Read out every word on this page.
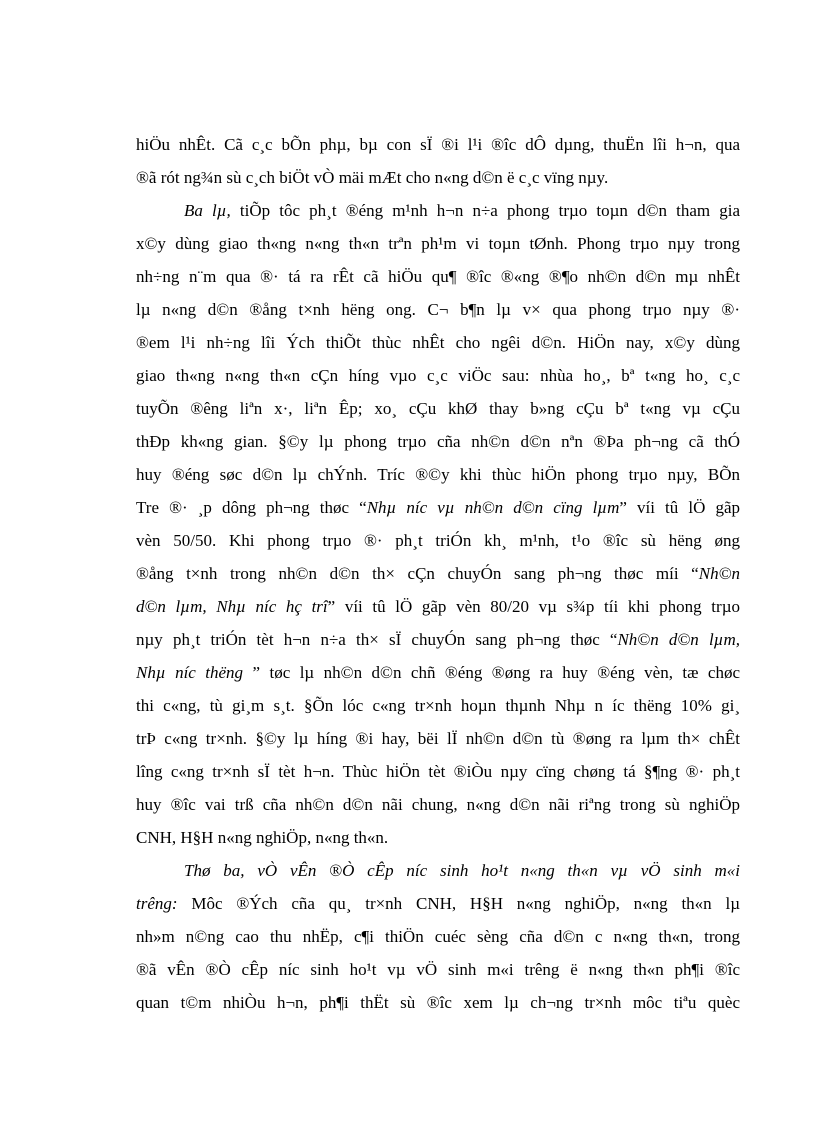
hiÖu nhÊt. Cã c¸c bÕn phµ, bµ con sÏ ®i l¹i ®îc dÔ dµng, thuËn lîi h¬n, qua
®ã rót ng¾n sù c¸ch biÖt vÒ mäi mÆt cho n«ng d©n ë c¸c vïng nµy.
Ba lµ, tiÕp tôc ph¸t ®éng m¹nh h¬n n÷a phong trµo toµn d©n tham gia
x©y dùng giao th«ng n«ng th«n trªn ph¹m vi toµn tØnh. Phong trµo nµy trong
nh÷ng n¨m qua ®· tá ra rÊt cã hiÖu qu¶ ®îc ®«ng ®¶o nh©n d©n mµ nhÊt
lµ n«ng d©n ®ång t×nh hëng ong. C¬ b¶n lµ v× qua phong trµo nµy ®·
®em l¹i nh÷ng lîi Ých thiÕt thùc nhÊt cho ngêi d©n. HiÖn nay, x©y dùng
giao th«ng n«ng th«n cÇn híng vµo c¸c viÖc sau: nhùa ho¸, bª t«ng ho¸ c¸c
tuyÕn ®êng liªn x·, liªn Êp; xo¸ cÇu khØ thay b»ng cÇu bª t«ng vµ cÇu
thÐp kh«ng gian. §©y lµ phong trµo cña nh©n d©n nªn ®Þa ph¬ng cã thÓ
huy ®éng søc d©n lµ chÝnh. Tríc ®©y khi thùc hiÖn phong trµo nµy, BÕn
Tre ®· ¸p dông ph¬ng thøc “Nhµ níc vµ nh©n d©n cïng lµm” víi tû lÖ gãp
vèn 50/50. Khi phong trµo ®· ph¸t triÓn kh¸ m¹nh, t¹o ®îc sù hëng øng
®ång t×nh trong nh©n d©n th× cÇn chuyÓn sang ph¬ng thøc míi “Nh©n
d©n lµm, Nhµ níc hç trî” víi tû lÖ gãp vèn 80/20 vµ s¾p tíi khi phong trµo
nµy ph¸t triÓn tèt h¬n n÷a th× sÏ chuyÓn sang ph¬ng thøc “Nh©n d©n lµm,
Nhµ níc thëng ” tøc lµ nh©n d©n chñ ®éng ®øng ra huy ®éng vèn, tæ chøc
thi c«ng, tù gi¸m s¸t. §Õn lóc c«ng tr×nh hoµn thµnh Nhµ n íc thëng 10% gi¸
trÞ c«ng tr×nh. §©y lµ híng ®i hay, bëi lÏ nh©n d©n tù ®øng ra lµm th× chÊt
lîng c«ng tr×nh sÏ tèt h¬n. Thùc hiÖn tèt ®iÒu nµy cïng chøng tá §¶ng ®· ph¸t
huy ®îc vai trß cña nh©n d©n nãi chung, n«ng d©n nãi riªng trong sù nghiÖp
CNH, H§H n«ng nghiÖp, n«ng th«n.
Thø ba, vÒ vÊn ®Ò cÊp níc sinh ho¹t n«ng th«n vµ vÖ sinh m«i
trêng: Môc ®Ých cña qu¸ tr×nh CNH, H§H n«ng nghiÖp, n«ng th«n lµ
nh»m n©ng cao thu nhËp, c¶i thiÖn cuéc sèng cña d©n c n«ng th«n, trong
®ã vÊn ®Ò cÊp níc sinh ho¹t vµ vÖ sinh m«i trêng ë n«ng th«n ph¶i ®îc
quan t©m nhiÒu h¬n, ph¶i thËt sù ®îc xem lµ ch¬ng tr×nh môc tiªu quèc
